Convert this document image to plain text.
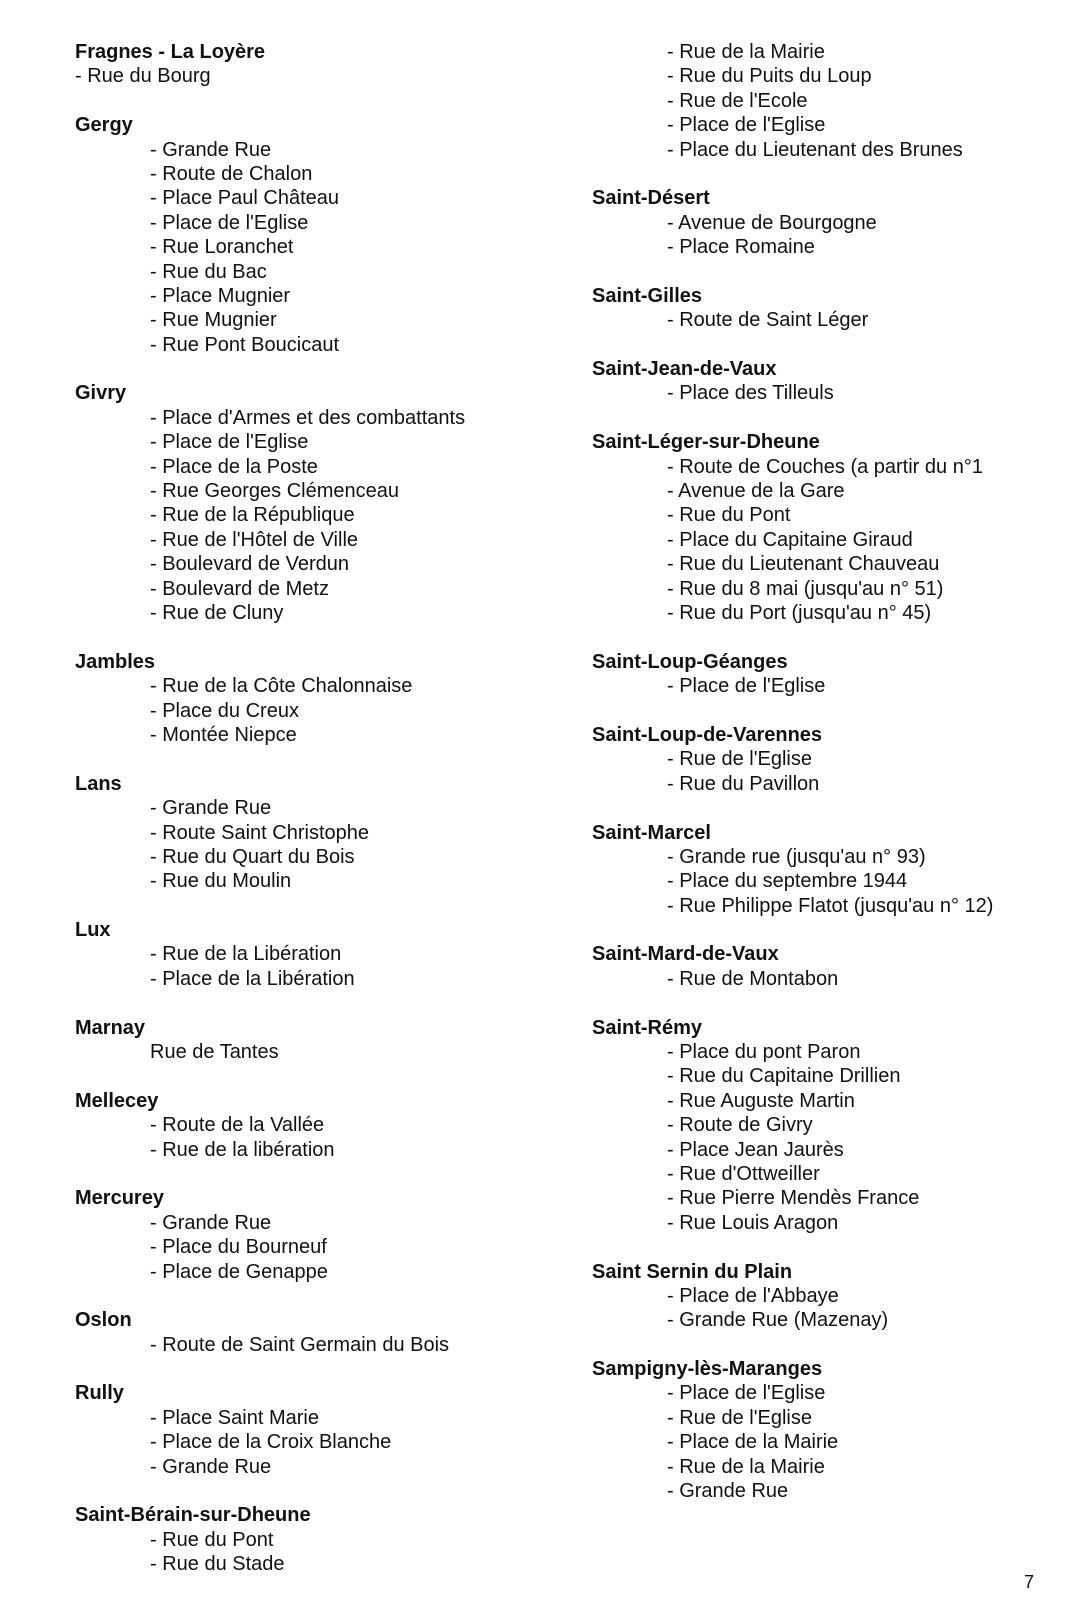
Fragnes - La Loyère
- Rue du Bourg
Gergy
- Grande Rue
- Route de Chalon
- Place Paul Château
- Place de l'Eglise
- Rue Loranchet
- Rue du Bac
- Place Mugnier
- Rue Mugnier
- Rue Pont Boucicaut
Givry
- Place d'Armes et des combattants
- Place de l'Eglise
- Place de la Poste
- Rue Georges Clémenceau
- Rue de la République
- Rue de l'Hôtel de Ville
- Boulevard de Verdun
- Boulevard de Metz
- Rue de Cluny
Jambles
- Rue de la Côte Chalonnaise
- Place du Creux
- Montée Niepce
Lans
- Grande Rue
- Route Saint Christophe
- Rue du Quart du Bois
- Rue du Moulin
Lux
- Rue de la Libération
- Place de la Libération
Marnay
Rue de Tantes
Mellecey
- Route de la Vallée
- Rue de la libération
Mercurey
- Grande Rue
- Place du Bourneuf
- Place de Genappe
Oslon
- Route de Saint Germain du Bois
Rully
- Place Saint Marie
- Place de la Croix Blanche
- Grande Rue
Saint-Bérain-sur-Dheune
- Rue du Pont
- Rue du Stade
- Rue de la Mairie
- Rue du Puits du Loup
- Rue de l'Ecole
- Place de l'Eglise
- Place du Lieutenant des Brunes
Saint-Désert
- Avenue de Bourgogne
- Place Romaine
Saint-Gilles
- Route de Saint Léger
Saint-Jean-de-Vaux
- Place des Tilleuls
Saint-Léger-sur-Dheune
- Route de Couches (a partir du n°1
- Avenue de la Gare
- Rue du Pont
- Place du Capitaine Giraud
- Rue du Lieutenant Chauveau
- Rue du 8 mai (jusqu'au n° 51)
- Rue du Port (jusqu'au n° 45)
Saint-Loup-Géanges
- Place de l'Eglise
Saint-Loup-de-Varennes
- Rue de l'Eglise
- Rue du Pavillon
Saint-Marcel
- Grande rue (jusqu'au n° 93)
- Place du septembre 1944
- Rue Philippe Flatot (jusqu'au n° 12)
Saint-Mard-de-Vaux
- Rue de Montabon
Saint-Rémy
- Place du pont Paron
- Rue du Capitaine Drillien
- Rue Auguste Martin
- Route de Givry
- Place Jean Jaurès
- Rue d'Ottweiller
- Rue Pierre Mendès France
- Rue Louis Aragon
Saint Sernin du Plain
- Place de l'Abbaye
- Grande Rue (Mazenay)
Sampigny-lès-Maranges
- Place de l'Eglise
- Rue de l'Eglise
- Place de la Mairie
- Rue de la Mairie
- Grande Rue
7
